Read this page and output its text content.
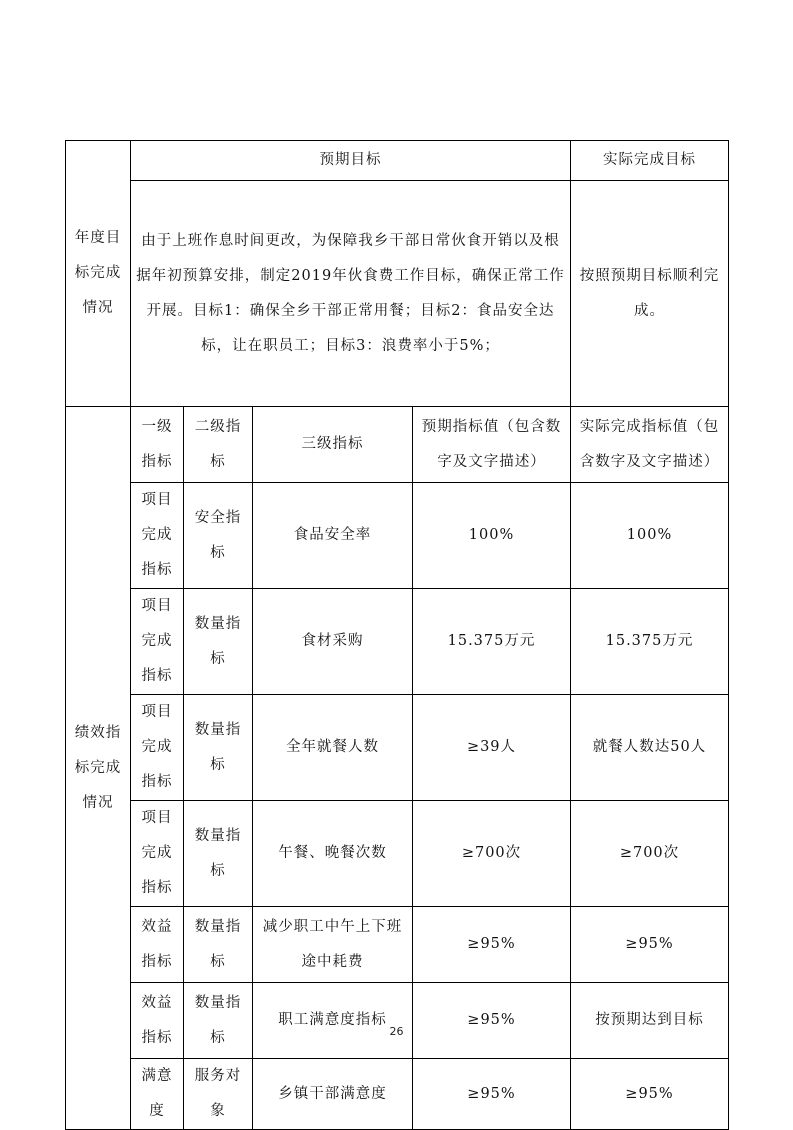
年度目标完成情况	预期目标				实际完成目标
	由于上班作息时间更改，为保障我乡干部日常伙食开销以及根据年初预算安排，制定2019年伙食费工作目标，确保正常工作开展。目标1：确保全乡干部正常用餐；目标2：食品安全达标，让在职员工；目标3：浪费率小于5%；				按照预期目标顺利完成。
绩效指标完成情况	一级指标	二级指标	三级指标	预期指标值（包含数字及文字描述）	实际完成指标值（包含数字及文字描述）
	项目完成指标	安全指标	食品安全率	100%	100%
	项目完成指标	数量指标	食材采购	15.375万元	15.375万元
	项目完成指标	数量指标	全年就餐人数	≥39人	就餐人数达50人
	项目完成指标	数量指标	午餐、晚餐次数	≥700次	≥700次
	效益指标	数量指标	减少职工中午上下班途中耗费	≥95%	≥95%
	效益指标	数量指标	职工满意度指标	≥95%	按预期达到目标
	满意度	服务对象	乡镇干部满意度	≥95%	≥95%
26
